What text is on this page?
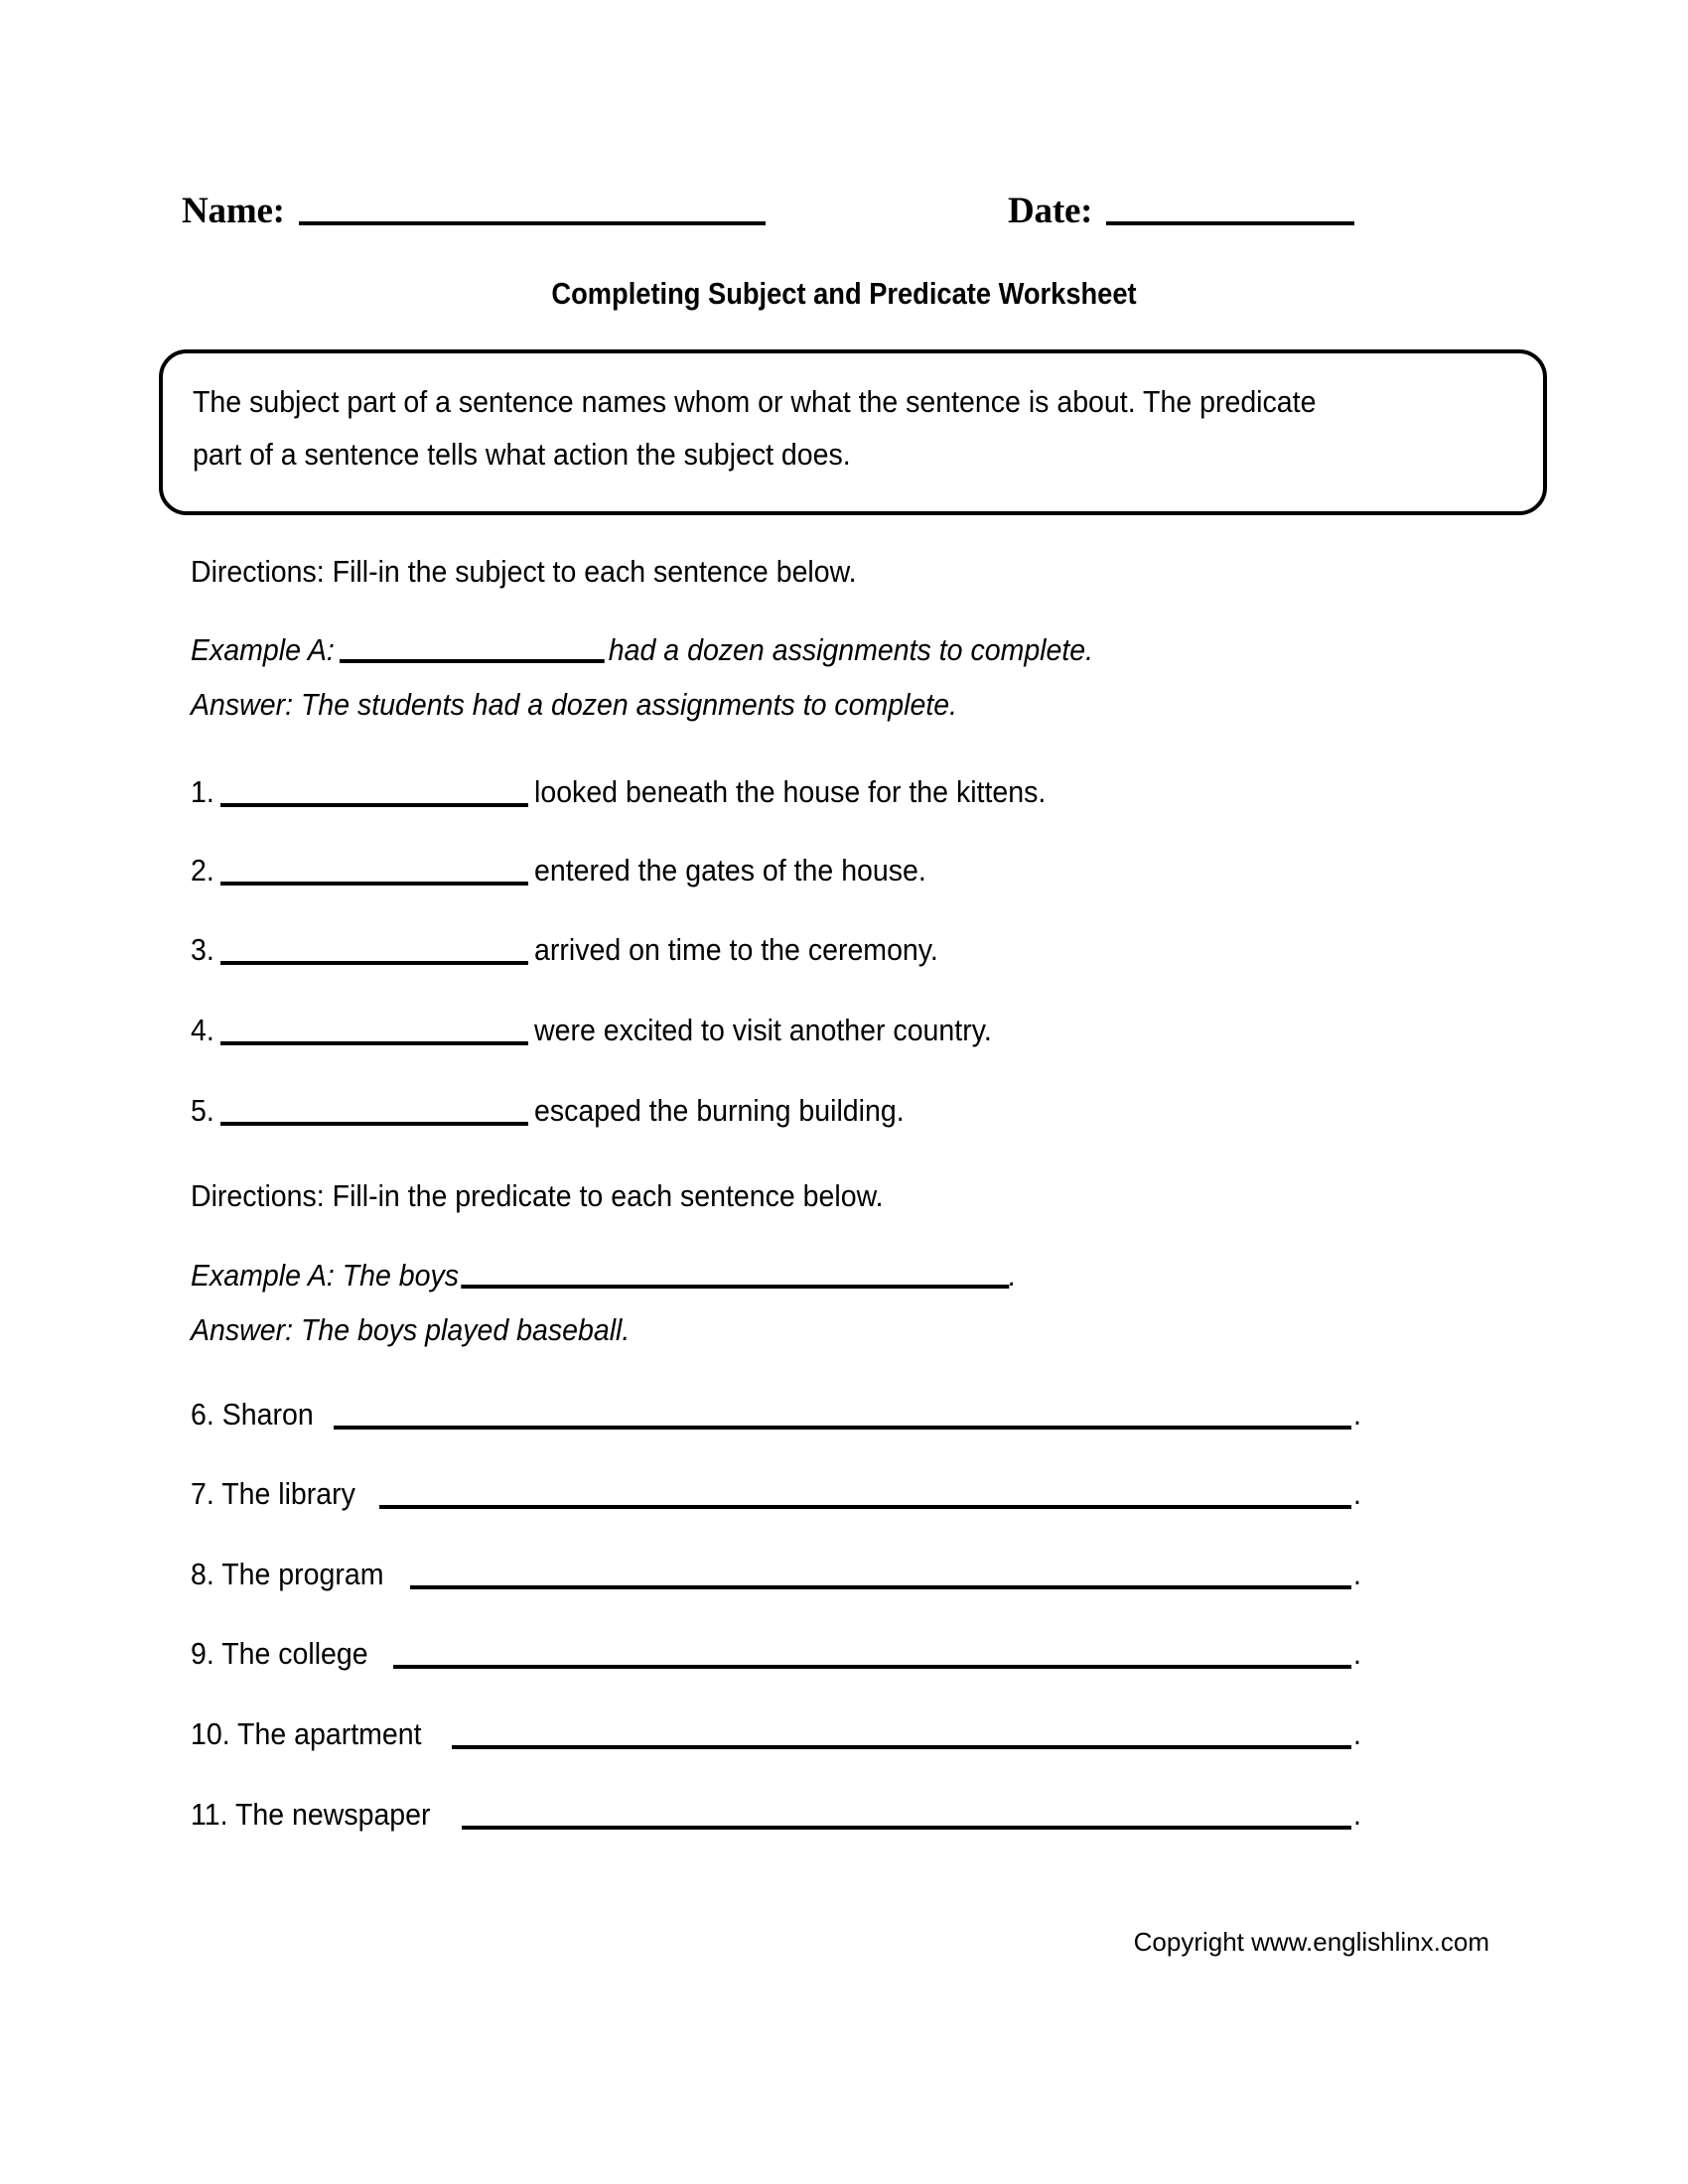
Name:	Date:
Completing Subject and Predicate Worksheet
The subject part of a sentence names whom or what the sentence is about. The predicate part of a sentence tells what action the subject does.
Directions: Fill-in the subject to each sentence below.
Example A:	had a dozen assignments to complete.
Answer: The students had a dozen assignments to complete.
1.	looked beneath the house for the kittens.
2.	entered the gates of the house.
3.	arrived on time to the ceremony.
4.	were excited to visit another country.
5.	escaped the burning building.
Directions: Fill-in the predicate to each sentence below.
Example A: The boys	.
Answer: The boys played baseball.
6. Sharon	.
7. The library	.
8. The program	.
9. The college	.
10. The apartment	.
11. The newspaper	.
Copyright www.englishlinx.com
